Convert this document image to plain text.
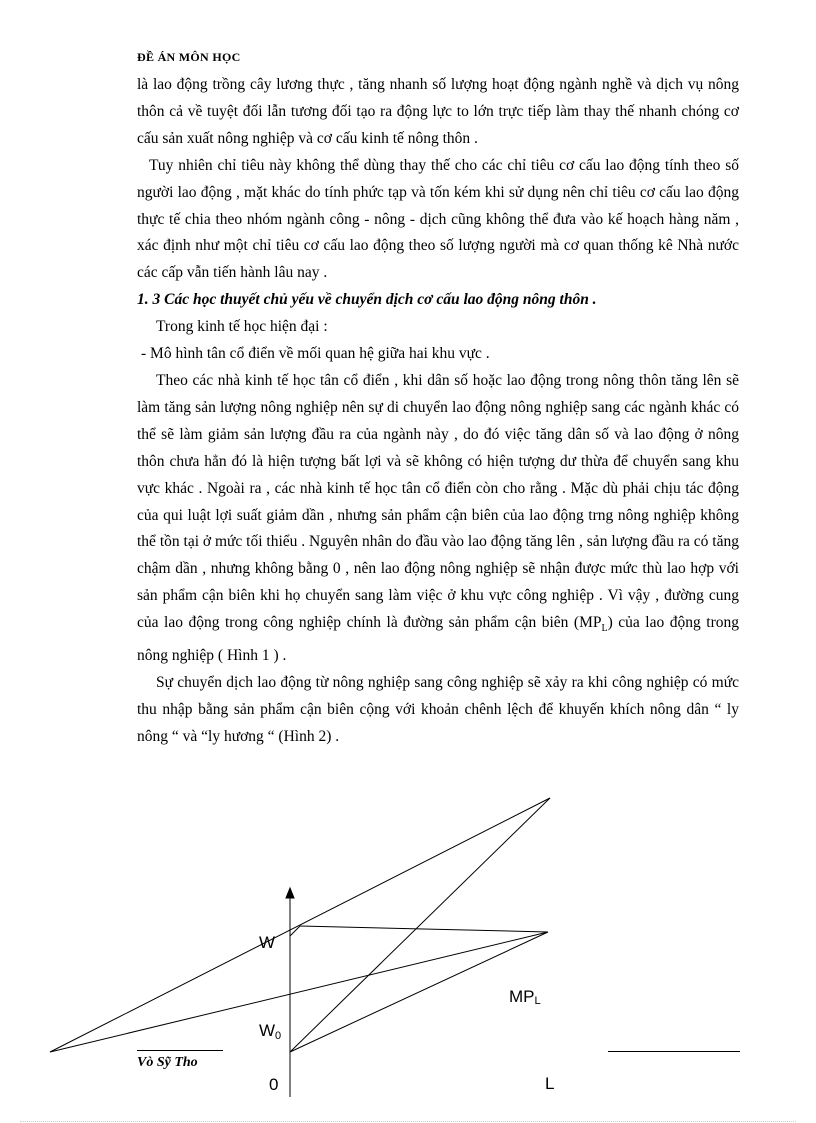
ĐỀ ÁN MÔN HỌC

là lao động trồng cây lương thực , tăng nhanh số lượng hoạt động ngành nghề và dịch vụ nông thôn cả về tuyệt đối lẫn tương đối tạo ra động lực to lớn trực tiếp làm thay thế nhanh chóng cơ cấu sản xuất nông nghiệp và cơ cấu kinh tế nông thôn .

Tuy nhiên chỉ tiêu này không thể dùng thay thế cho các chỉ tiêu cơ cấu lao động tính theo số người lao động , mặt khác do tính phức tạp và tốn kém khi sử dụng nên chỉ tiêu cơ cấu lao động thực tế chia theo nhóm ngành công - nông - dịch cũng không thể đưa vào kế hoạch hàng năm , xác định như một chỉ tiêu cơ cấu lao động theo số lượng người mà cơ quan thống kê Nhà nước các cấp vẫn tiến hành lâu nay .

1. 3 Các học thuyết chủ yếu về chuyển dịch cơ cấu lao động nông thôn .

Trong kinh tế học hiện đại :

- Mô hình tân cổ điển về mối quan hệ giữa hai khu vực .

Theo các nhà kinh tế học tân cổ điển , khi dân số hoặc lao động trong nông thôn tăng lên sẽ làm tăng sản lượng nông nghiệp nên sự di chuyển lao động nông nghiệp sang các ngành khác có thể sẽ làm giảm sản lượng đầu ra của ngành này , do đó việc tăng dân số và lao động ở nông thôn chưa hẳn đó là hiện tượng bất lợi và sẽ không có hiện tượng dư thừa để chuyển sang khu vực khác . Ngoài ra , các nhà kinh tế học tân cổ điển còn cho rằng . Mặc dù phải chịu tác động của qui luật lợi suất giảm dần , nhưng sản phẩm cận biên của lao động trng nông nghiệp không thể tồn tại ở mức tối thiểu . Nguyên nhân do đầu vào lao động tăng lên , sản lượng đầu ra có tăng chậm dần , nhưng không bằng 0 , nên lao động nông nghiệp sẽ nhận được mức thù lao hợp với sản phẩm cận biên khi họ chuyển sang làm việc ở khu vực công nghiệp . Vì vậy , đường cung của lao động trong công nghiệp chính là đường sản phẩm cận biên $(MP_L)$ của lao động trong nông nghiệp ( Hình 1 ) .

Sự chuyển dịch lao động từ nông nghiệp sang công nghiệp sẽ xảy ra khi công nghiệp có mức thu nhập bằng sản phẩm cận biên cộng với khoản chênh lệch để khuyến khích nông dân “ ly nông “ và “ly hương “ (Hình 2) .

W
W0
MPL
0	L
Vò Sỹ Tho
